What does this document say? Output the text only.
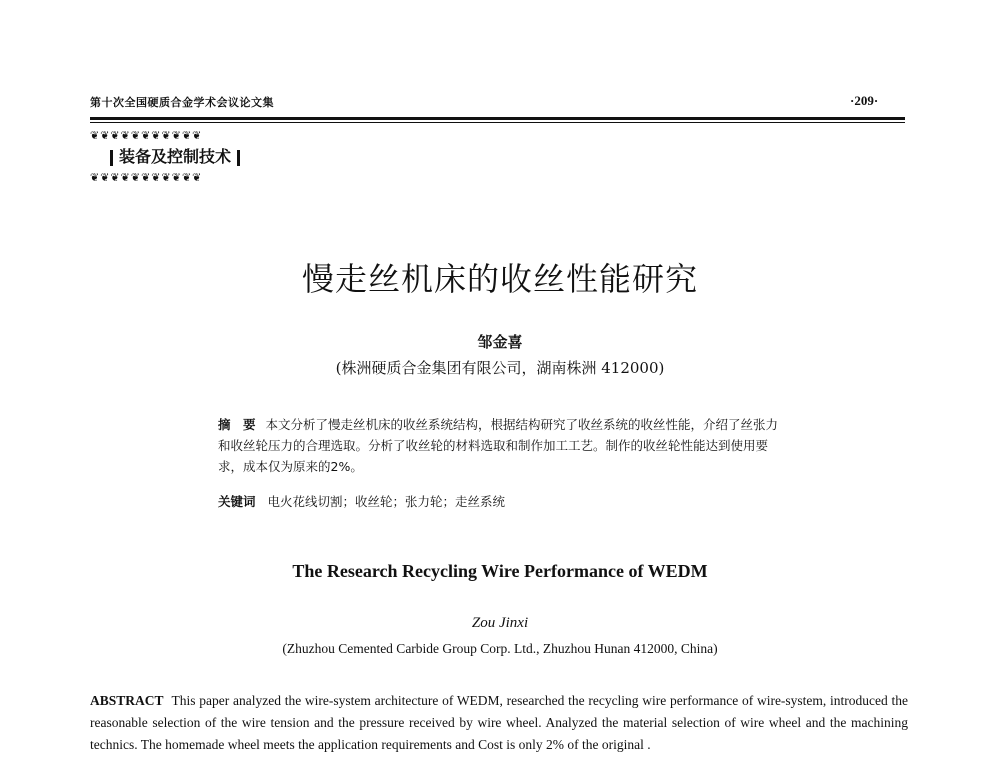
第十次全国硬质合金学术会议论文集	·209·
❦❦❦❦❦❦❦❦❦❦❦
装备及控制技术
❦❦❦❦❦❦❦❦❦❦❦
慢走丝机床的收丝性能研究
邹金喜
(株洲硬质合金集团有限公司，湖南株洲 412000)
摘　要 本文分析了慢走丝机床的收丝系统结构，根据结构研究了收丝系统的收丝性能，介绍了丝张力和收丝轮压力的合理选取。分析了收丝轮的材料选取和制作加工工艺。制作的收丝轮性能达到使用要求，成本仅为原来的2%。
关键词 电火花线切割；收丝轮；张力轮；走丝系统
The Research Recycling Wire Performance of WEDM
Zou Jinxi
(Zhuzhou Cemented Carbide Group Corp. Ltd., Zhuzhou Hunan 412000, China)
ABSTRACT This paper analyzed the wire-system architecture of WEDM, researched the recycling wire performance of wire-system, introduced the reasonable selection of the wire tension and the pressure received by wire wheel. Analyzed the material selection of wire wheel and the machining technics. The homemade wheel meets the application requirements and Cost is only 2% of the original .
